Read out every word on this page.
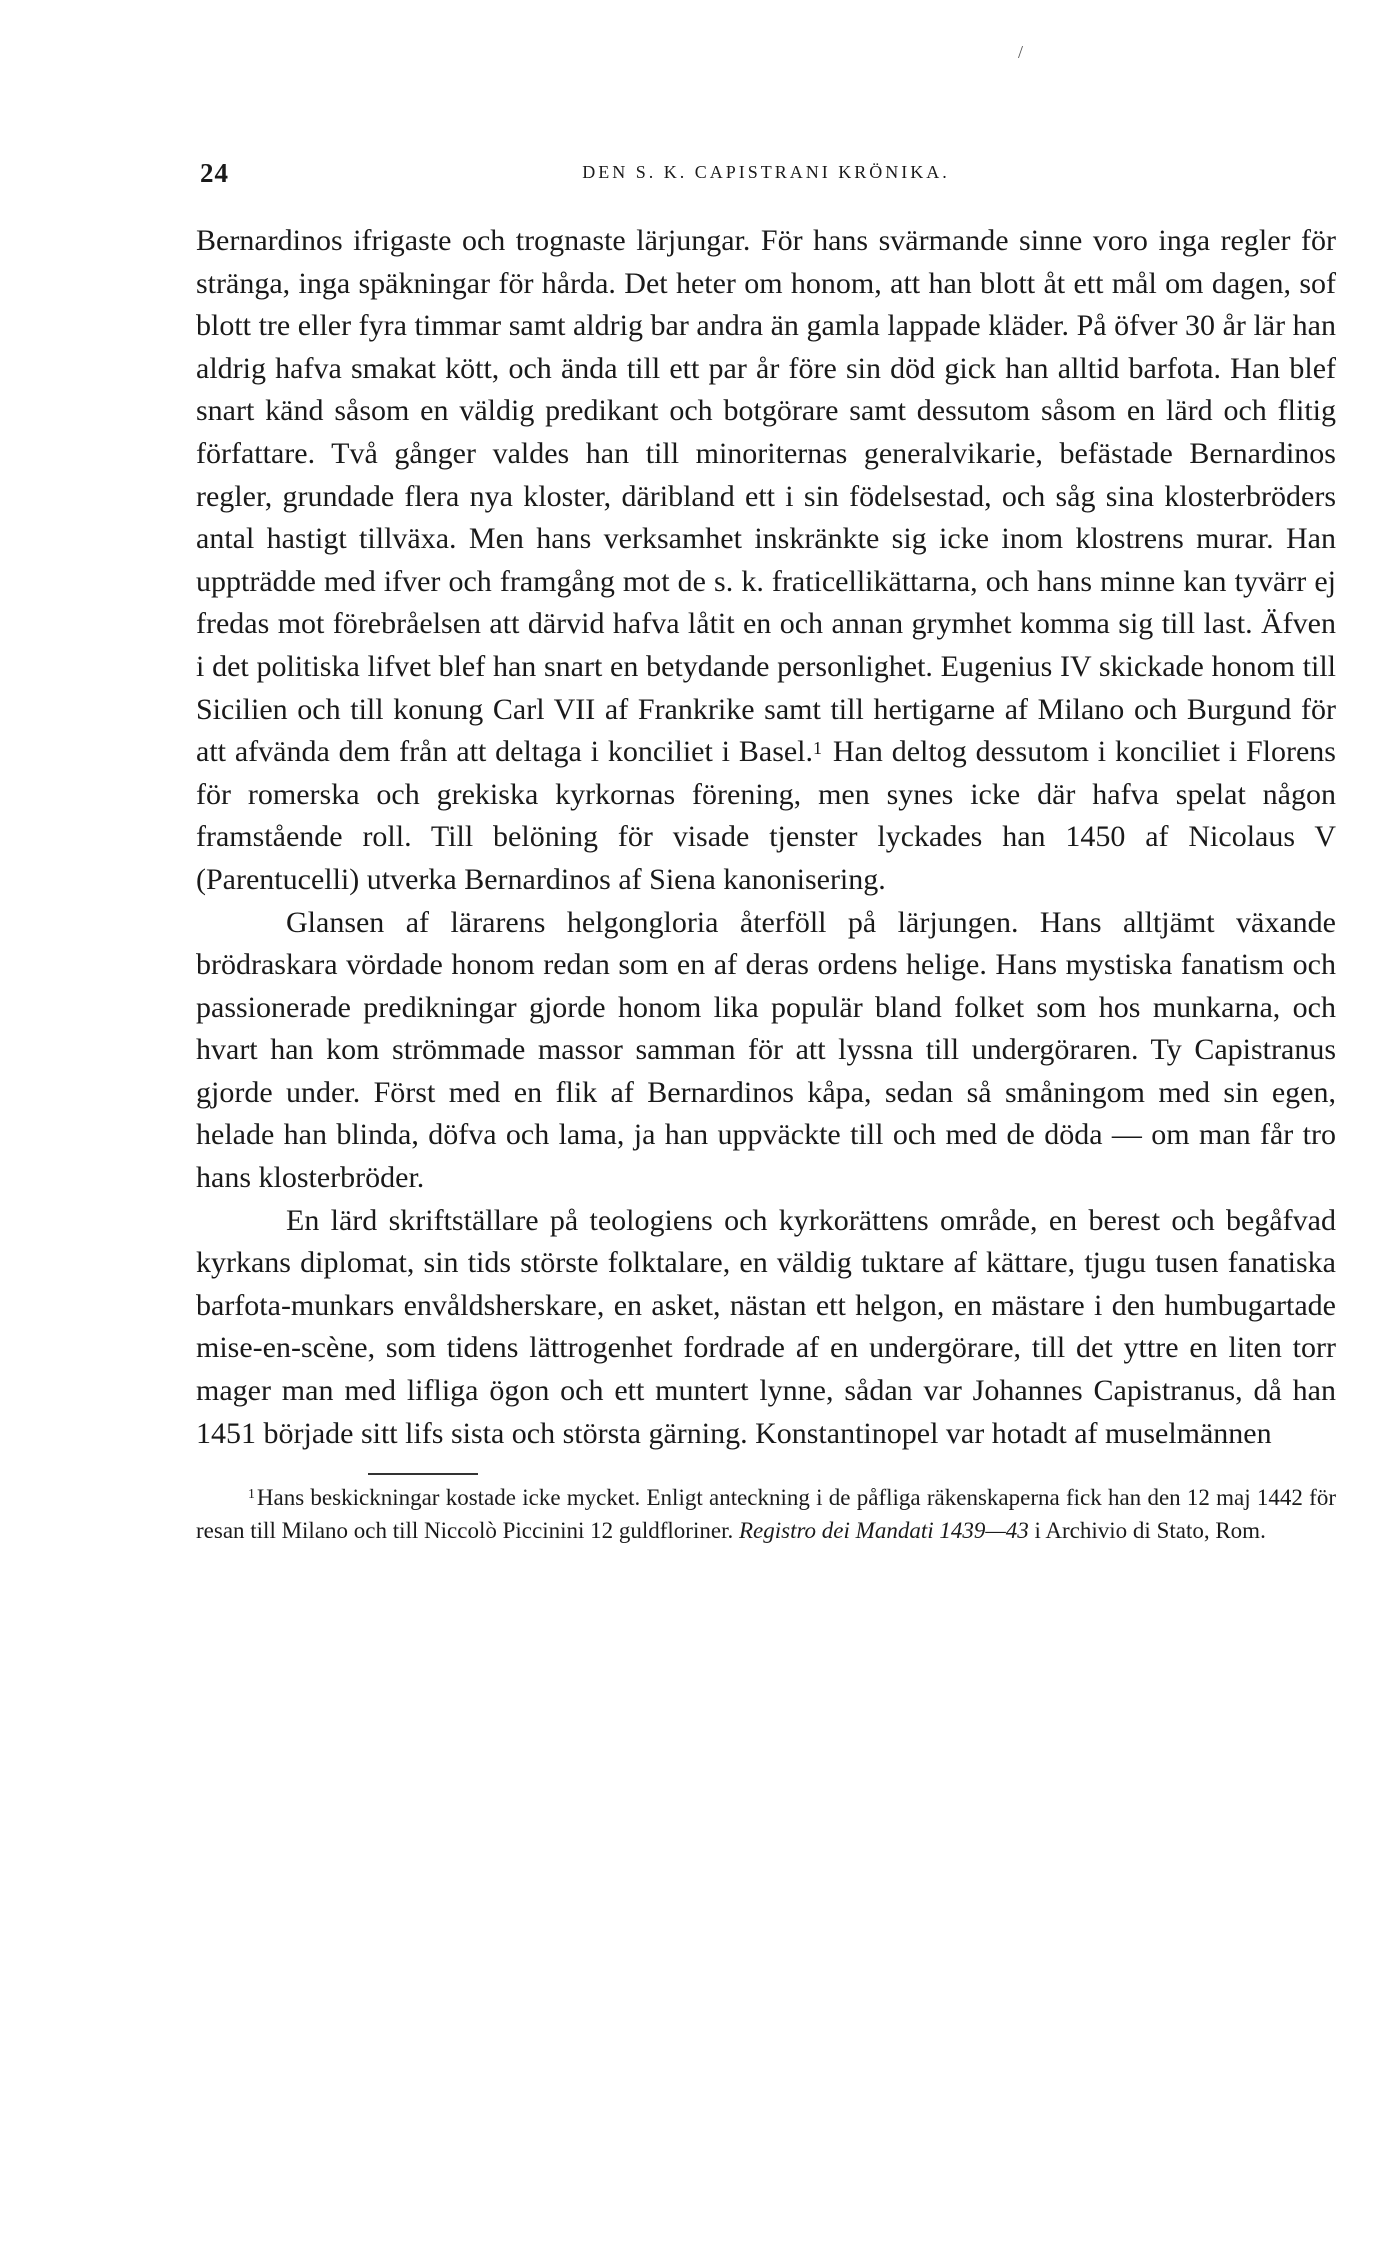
/
24	DEN S. K. CAPISTRANI KRÖNIKA.

Bernardinos ifrigaste och trognaste lärjungar. För hans svärmande sinne voro inga regler för stränga, inga späkningar för hårda. Det heter om honom, att han blott åt ett mål om dagen, sof blott tre eller fyra timmar samt aldrig bar andra än gamla lappade kläder. På öfver 30 år lär han aldrig hafva smakat kött, och ända till ett par år före sin död gick han alltid barfota. Han blef snart känd såsom en väldig predikant och botgörare samt dessutom såsom en lärd och flitig författare. Två gånger valdes han till minoriternas generalvikarie, befästade Bernardinos regler, grundade flera nya kloster, däribland ett i sin födelsestad, och såg sina klosterbröders antal hastigt tillväxa. Men hans verksamhet inskränkte sig icke inom klostrens murar. Han uppträdde med ifver och framgång mot de s. k. fraticellikättarna, och hans minne kan tyvärr ej fredas mot förebråelsen att därvid hafva låtit en och annan grymhet komma sig till last. Äfven i det politiska lifvet blef han snart en betydande personlighet. Eugenius IV skickade honom till Sicilien och till konung Carl VII af Frankrike samt till hertigarne af Milano och Burgund för att afvända dem från att deltaga i konciliet i Basel.$^1$ Han deltog dessutom i konciliet i Florens för romerska och grekiska kyrkornas förening, men synes icke där hafva spelat någon framstående roll. Till belöning för visade tjenster lyckades han 1450 af Nicolaus V (Parentucelli) utverka Bernardinos af Siena kanonisering.

Glansen af lärarens helgongloria återföll på lärjungen. Hans alltjämt växande brödraskara vördade honom redan som en af deras ordens helige. Hans mystiska fanatism och passionerade predikningar gjorde honom lika populär bland folket som hos munkarna, och hvart han kom strömmade massor samman för att lyssna till undergöraren. Ty Capistranus gjorde under. Först med en flik af Bernardinos kåpa, sedan så småningom med sin egen, helade han blinda, döfva och lama, ja han uppväckte till och med de döda — om man får tro hans klosterbröder.

En lärd skriftställare på teologiens och kyrkorättens område, en berest och begåfvad kyrkans diplomat, sin tids störste folktalare, en väldig tuktare af kättare, tjugu tusen fanatiska barfota-munkars envåldsherskare, en asket, nästan ett helgon, en mästare i den humbugartade mise-en-scène, som tidens lättrogenhet fordrade af en undergörare, till det yttre en liten torr mager man med lifliga ögon och ett muntert lynne, sådan var Johannes Capistranus, då han 1451 började sitt lifs sista och största gärning. Konstantinopel var hotadt af muselmännen

$^1$Hans beskickningar kostade icke mycket. Enligt anteckning i de påfliga räkenskaperna fick han den 12 maj 1442 för resan till Milano och till Niccolò Piccinini 12 guldfloriner. Registro dei Mandati 1439—43 i Archivio di Stato, Rom.
